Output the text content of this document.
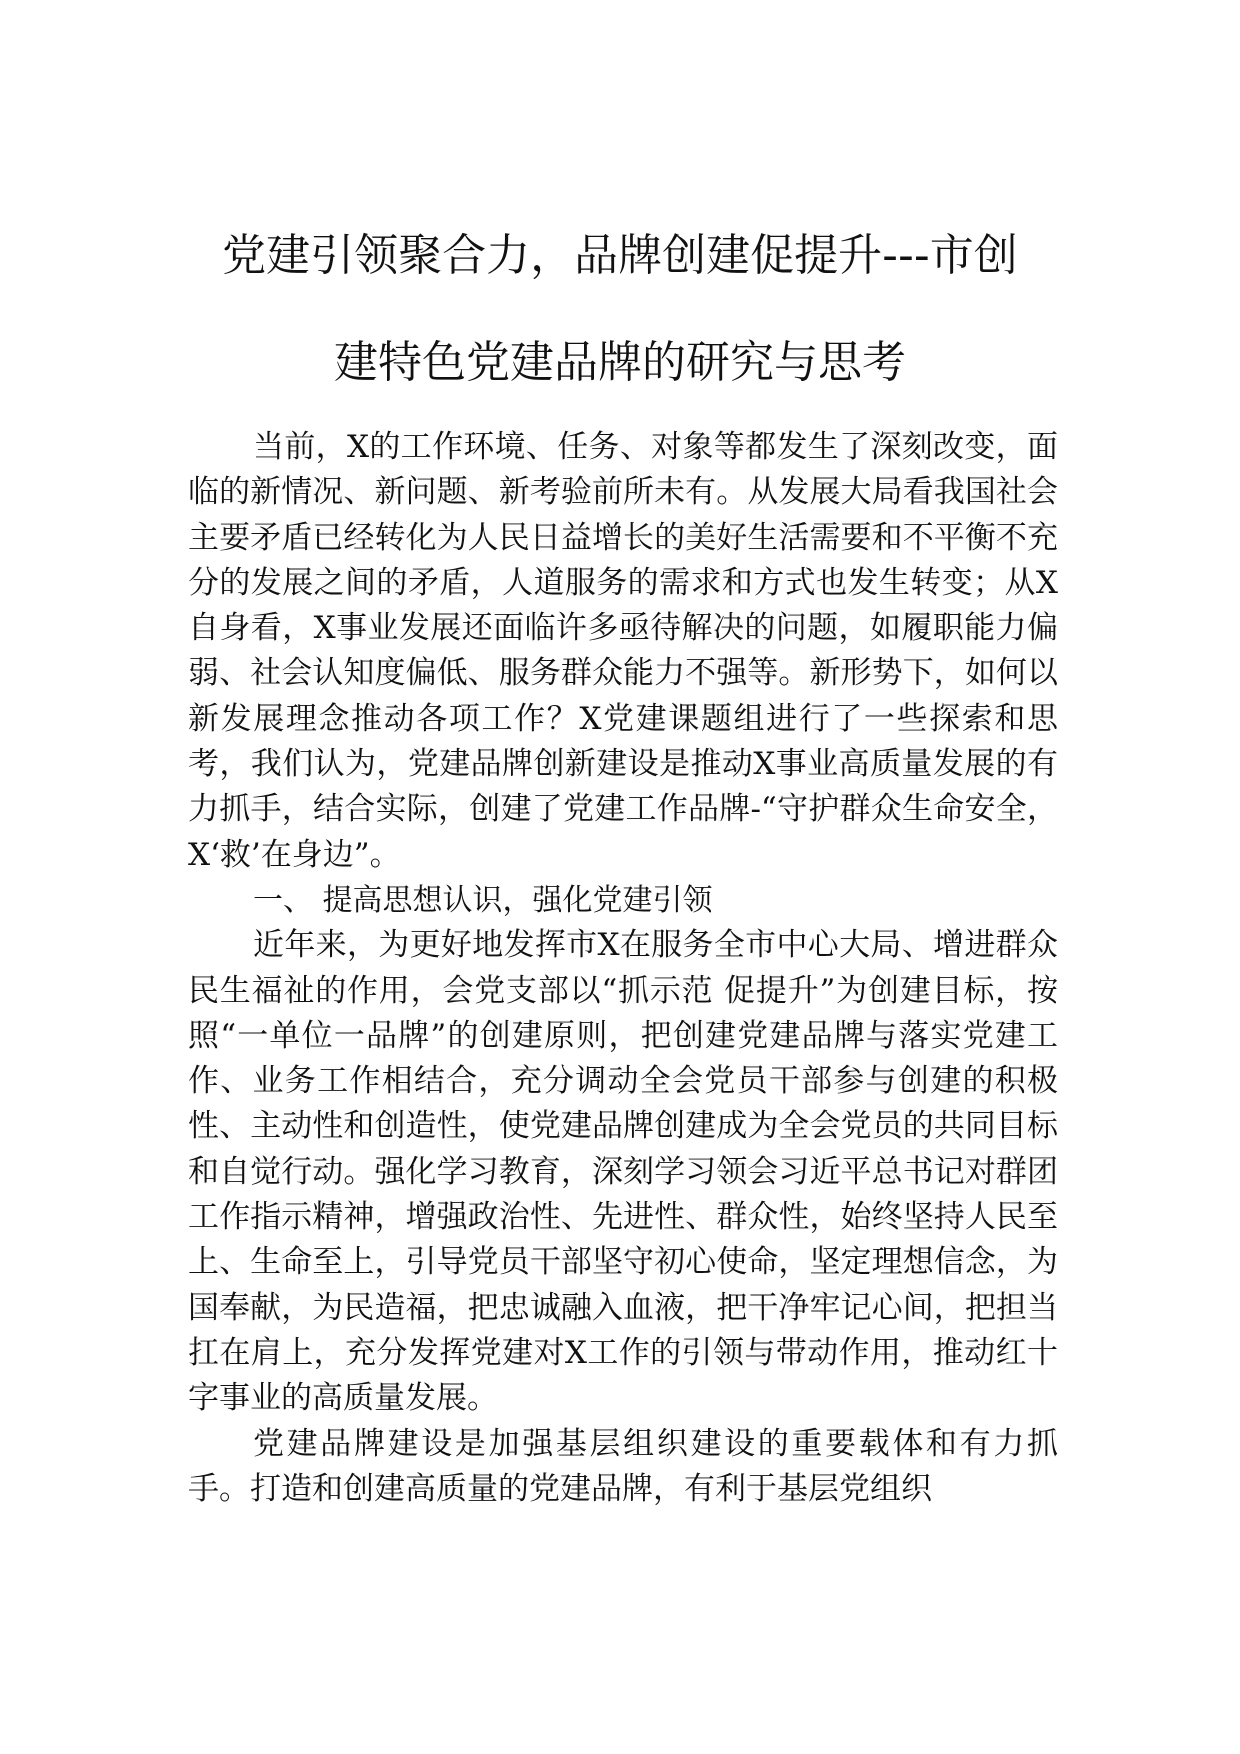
党建引领聚合力，品牌创建促提升---市创
建特色党建品牌的研究与思考

当前，X的工作环境、任务、对象等都发生了深刻改变，面临的新情况、新问题、新考验前所未有。从发展大局看我国社会主要矛盾已经转化为人民日益增长的美好生活需要和不平衡不充分的发展之间的矛盾，人道服务的需求和方式也发生转变；从X自身看，X事业发展还面临许多亟待解决的问题，如履职能力偏弱、社会认知度偏低、服务群众能力不强等。新形势下，如何以新发展理念推动各项工作？X党建课题组进行了一些探索和思考，我们认为，党建品牌创新建设是推动X事业高质量发展的有力抓手，结合实际，创建了党建工作品牌-“守护群众生命安全，X‘救’在身边”。

一、 提高思想认识，强化党建引领

近年来，为更好地发挥市X在服务全市中心大局、增进群众民生福祉的作用，会党支部以“抓示范 促提升”为创建目标，按照“一单位一品牌”的创建原则，把创建党建品牌与落实党建工作、业务工作相结合，充分调动全会党员干部参与创建的积极性、主动性和创造性，使党建品牌创建成为全会党员的共同目标和自觉行动。强化学习教育，深刻学习领会习近平总书记对群团工作指示精神，增强政治性、先进性、群众性，始终坚持人民至上、生命至上，引导党员干部坚守初心使命，坚定理想信念，为国奉献，为民造福，把忠诚融入血液，把干净牢记心间，把担当扛在肩上，充分发挥党建对X工作的引领与带动作用，推动红十字事业的高质量发展。

党建品牌建设是加强基层组织建设的重要载体和有力抓手。打造和创建高质量的党建品牌，有利于基层党组织
